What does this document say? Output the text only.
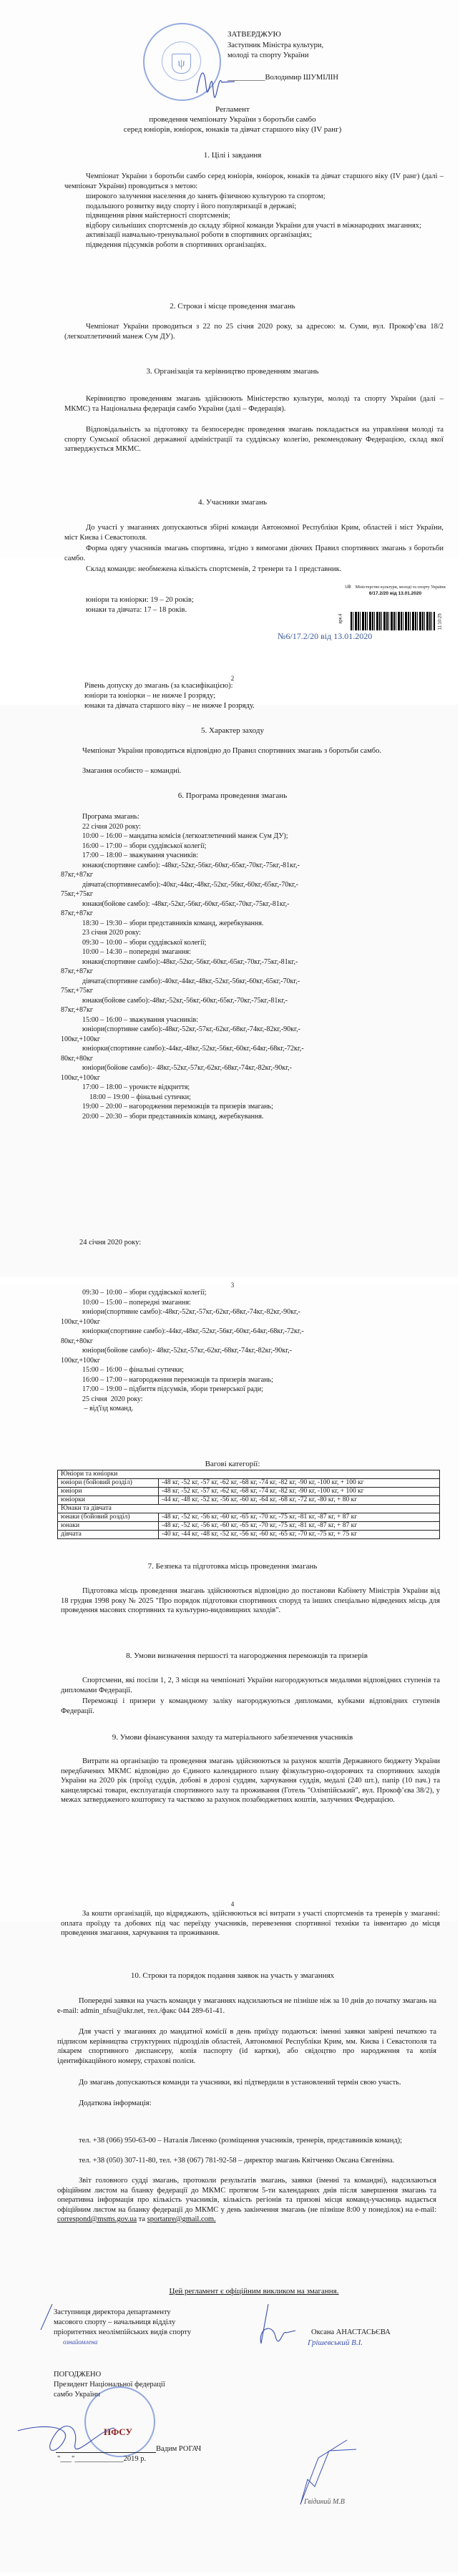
ψ
ЗАТВЕРДЖУЮ
Заступник Міністра культури,
молоді та спорту України
__________Володимир ШУМІЛІН
Регламент
проведення чемпіонату України з боротьби самбо
серед юніорів, юніорок, юнаків та дівчат старшого віку (IV ранг)
1. Цілі і завдання
Чемпіонат України з боротьби самбо серед юніорів, юніорок, юнаків та дівчат старшого віку (IV ранг) (далі – чемпіонат України) проводиться з метою:
широкого залучення населення до занять фізичною культурою та спортом;
подальшого розвитку виду спорту і його популяризації в державі;
підвищення рівня майстерності спортсменів;
відбору сильніших спортсменів до складу збірної команди України для участі в міжнародних змаганнях;
активізації навчально-тренувальної роботи в спортивних організаціях;
підведення підсумків роботи в спортивних організаціях.
2. Строки і місце проведення змагань
Чемпіонат України проводиться з 22 по 25 січня 2020 року, за адресою: м. Суми, вул. Прокоф’єва 18/2 (легкоатлетичний манеж Сум ДУ).
3. Організація та керівництво проведенням змагань
Керівництво проведенням змагань здійснюють Міністерство культури, молоді та спорту України (далі – МКМС) та Національна федерація самбо України (далі – Федерація).
Відповідальність за підготовку та безпосереднє проведення змагань покладається на управління молоді та спорту Сумської обласної державної адміністрації та суддівську колегію, рекомендовану Федерацією, склад якої затверджується МКМС.
4. Учасники змагань
До участі у змаганнях допускаються збірні команди Автономної Республіки Крим, областей і міст України, міст Києва і Севастополя.
Форма одягу учасників змагань спортивна, згідно з вимогами діючих Правил спортивних змагань з боротьби самбо.
Склад команди: необмежена кількість спортсменів, 2 тренери та 1 представник.
юніори та юніорки: 19 – 20 років;
юнаки та дівчата: 17 – 18 років.
UB Міністерство культури, молоді та спорту України
6/17.2/20 від 13.01.2020
арк.4	11:10:25
№6/17.2/20 від 13.01.2020
2
Рівень допуску до змагань (за класифікацією):
юніори та юніорки – не нижче I розряду;
юнаки та дівчата старшого віку – не нижче I розряду.
5. Характер заходу
Чемпіонат України проводиться відповідно до Правил спортивних змагань з боротьби самбо.
Змагання особисто – командні.
6. Програма проведення змагань
Програма змагань:
22 січня 2020 року:
10:00 – 16:00 – мандатна комісія (легкоатлетичний манеж Сум ДУ);
16:00 – 17:00 – збори суддівської колегії;
17:00 – 18:00 – зважування учасників:
юнаки(спортивне самбо): -48кг,-52кг,-56кг,-60кг,-65кг,-70кг,-75кг,-81кг,-
87кг,+87кг
дівчата(спортивнесамбо):-40кг,-44кг,-48кг,-52кг,-56кг,-60кг,-65кг,-70кг,-
75кг,+75кг
юнаки(бойове самбо): -48кг,-52кг,-56кг,-60кг,-65кг,-70кг,-75кг,-81кг,-
87кг,+87кг
18:30 – 19:30 – збори представників команд, жеребкування.
23 січня 2020 року:
09:30 – 10:00 – збори суддівської колегії;
10:00 – 14:30 – попередні змагання:
юнаки(спортивне самбо):-48кг,-52кг,-56кг,-60кг,-65кг,-70кг,-75кг,-81кг,-
87кг,+87кг
дівчата(спортивне самбо):-40кг,-44кг,-48кг,-52кг,-56кг,-60кг,-65кг,-70кг,-
75кг,+75кг
юнаки(бойове самбо):-48кг,-52кг,-56кг,-60кг,-65кг,-70кг,-75кг,-81кг,-
87кг,+87кг
15:00 – 16:00 – зважування учасників:
юніори(спортивне самбо):-48кг,-52кг,-57кг,-62кг,-68кг,-74кг,-82кг,-90кг,-
100кг,+100кг
юніорки(спортивне самбо):-44кг,-48кг,-52кг,-56кг,-60кг,-64кг,-68кг,-72кг,-
80кг,+80кг
юніори(бойове самбо):- 48кг,-52кг,-57кг,-62кг,-68кг,-74кг,-82кг,-90кг,-
100кг,+100кг
17:00 – 18:00 – урочисте відкриття;
18:00 – 19:00 – фінальні сутички;
19:00 – 20:00 – нагородження переможців та призерів змагань;
20:00 – 20:30 – збори представників команд, жеребкування.
24 січня 2020 року:
3
09:30 – 10:00 – збори суддівської колегії;
10:00 – 15:00 – попередні змагання:
юніори(спортивне самбо):-48кг,-52кг,-57кг,-62кг,-68кг,-74кг,-82кг,-90кг,-
100кг,+100кг
юніорки(спортивне самбо):-44кг,-48кг,-52кг,-56кг,-60кг,-64кг,-68кг,-72кг,-
80кг,+80кг
юніори(бойове самбо):- 48кг,-52кг,-57кг,-62кг,-68кг,-74кг,-82кг,-90кг,-
100кг,+100кг
15:00 – 16:00 – фінальні сутички;
16:00 – 17:00 – нагородження переможців та призерів змагань;
17:00 – 19:00 – підбиття підсумків, збори тренерської ради;
25 січня  2020 року:
– від'їзд команд.
Вагові категорії:
Юніори та юніорки	
юніори (бойовий розділ)	-48 кг, -52 кг, -57 кг, -62 кг, -68 кг, -74 кг, -82 кг, -90 кг, -100 кг, + 100 кг
юніори	-48 кг, -52 кг, -57 кг, -62 кг, -68 кг, -74 кг, -82 кг, -90 кг, -100 кг, + 100 кг
юніорки	-44 кг, -48 кг, -52 кг, -56 кг, -60 кг, -64 кг, -68 кг, -72 кг, -80 кг, + 80 кг
Юнаки та дівчата	
юнаки (бойовий розділ)	-48 кг, -52 кг, -56 кг, -60 кг, -65 кг, -70 кг, -75 кг, -81 кг, -87 кг, + 87 кг
юнаки	-48 кг, -52 кг, -56 кг, -60 кг, -65 кг, -70 кг, -75 кг, -81 кг, -87 кг, + 87 кг
дівчата	-40 кг, -44 кг, -48 кг, -52 кг, -56 кг, -60 кг, -65 кг, -70 кг, -75 кг, + 75 кг
7. Безпека та підготовка місць проведення змагань
Підготовка місць проведення змагань здійснюються відповідно до постанови Кабінету Міністрів України від 18 грудня 1998 року № 2025 "Про порядок підготовки спортивних споруд та інших спеціально відведених місць для проведення масових спортивних та культурно-видовищних заходів".
8. Умови визначення першості та нагородження переможців та призерів
Спортсмени, які посіли 1, 2, 3 місця на чемпіонаті України нагороджуються медалями відповідних ступенів та дипломами Федерації.
Переможці і призери у командному заліку нагороджуються дипломами, кубками відповідних ступенів Федерації.
9. Умови фінансування заходу та матеріального забезпечення учасників
Витрати на організацію та проведення змагань здійснюються за рахунок коштів Державного бюджету України передбачених МКМС відповідно до Єдиного календарного плану фізкультурно-оздоровчих та спортивних заходів України на 2020 рік (проїзд суддів, добові в дорозі суддям, харчування суддів, медалі (240 шт.), папір (10 пач.) та канцелярські товари, експлуатація спортивного залу та проживання (Готель "Олімпійський", вул. Прокоф’єва 38/2), у межах затвердженого кошторису та частково за рахунок позабюджетних коштів, залучених Федерацією.
4
За кошти організацій, що відряджають, здійснюються всі витрати з участі спортсменів та тренерів у змаганні: оплата проїзду та добових під час переїзду учасників, перевезення спортивної техніки та інвентарю до місця проведення змагання, харчування та проживання.
10. Строки та порядок подання заявок на участь у змаганнях
Попередні заявки на участь команди у змаганнях надсилаються не пізніше ніж за 10 днів до початку змагань на e-mail: admin_nfsu@ukr.net, тел./факс 044 289-61-41.
Для участі у змаганнях до мандатної комісії в день приїзду подаються: іменні заявки завірені печаткою та підписом керівництва структурних підрозділів областей, Автономної Республіки Крим, мм. Києва і Севастополя та лікарем спортивного диспансеру, копія паспорту (id картки), або свідоцтво про народження та копія ідентифікаційного номеру, страхові поліси.
До змагань допускаються команди та учасники, які підтвердили в установлений термін свою участь.
Додаткова інформація:
тел. +38 (066) 950-63-00 – Наталія Лисенко (розміщення учасників, тренерів, представників команд);
тел. +38 (050) 307-11-80, тел. +38 (067) 781-92-58 – директор змагань Квітченко Оксана Євгенівна.
Звіт головного судді змагань, протоколи результатів змагань, заявки (іменні та командні), надсилаються офіційним листом на бланку федерації до МКМС протягом 5-ти календарних днів після завершення змагань та оперативна інформація про кількість учасників, кількість регіонів та призові місця команд-учасниць надається офіційним листом на бланку федерації до МКМС у день закінчення змагань (не пізніше 8:00 у понеділок) на e-mail: correspond@msms.gov.ua та sportanre@gmail.com.
Цей регламент є офіційним викликом на змагання.
Заступниця директора департаменту
масового спорту – начальниця відділу
пріоритетних неолімпійських видів спорту
ознайомлена
Оксана АНАСТАСЬЄВА
Грішевський В.І.
ПОГОДЖЕНО
Президент Національної федерації
самбо України
НФСУ
Вадим РОГАЧ
"___"_____________2019 р.
Гвідиний М.В
